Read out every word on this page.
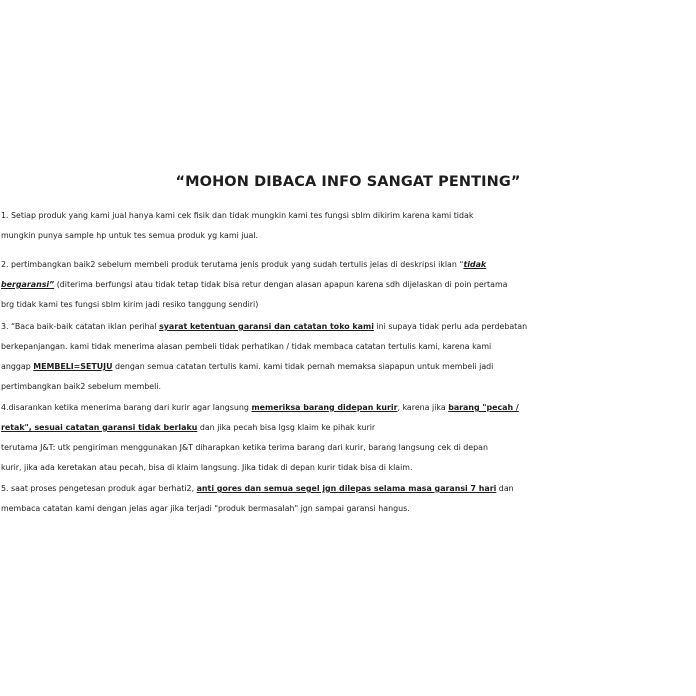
“MOHON DIBACA INFO SANGAT PENTING”
1. Setiap produk yang kami jual hanya kami cek fisik dan tidak mungkin kami tes fungsi sblm dikirim karena kami tidak
mungkin punya sample hp untuk tes semua produk yg kami jual.
2. pertimbangkan baik2 sebelum membeli produk terutama jenis produk yang sudah tertulis jelas di deskripsi iklan “tidak
bergaransi” (diterima berfungsi atau tidak tetap tidak bisa retur dengan alasan apapun karena sdh dijelaskan di poin pertama
brg tidak kami tes fungsi sblm kirim jadi resiko tanggung sendiri)
3. “Baca baik-baik catatan iklan perihal syarat ketentuan garansi dan catatan toko kami ini supaya tidak perlu ada perdebatan
berkepanjangan. kami tidak menerima alasan pembeli tidak perhatikan / tidak membaca catatan tertulis kami, karena kami
anggap MEMBELI=SETUJU dengan semua catatan tertulis kami. kami tidak pernah memaksa siapapun untuk membeli jadi
pertimbangkan baik2 sebelum membeli.
4.disarankan ketika menerima barang dari kurir agar langsung memeriksa barang didepan kurir, karena jika barang "pecah /
retak", sesuai catatan garansi tidak berlaku dan jika pecah bisa lgsg klaim ke pihak kurir
terutama J&T: utk pengiriman menggunakan J&T diharapkan ketika terima barang dari kurir, barang langsung cek di depan
kurir, jika ada keretakan atau pecah, bisa di klaim langsung. Jika tidak di depan kurir tidak bisa di klaim.
5. saat proses pengetesan produk agar berhati2, anti gores dan semua segel jgn dilepas selama masa garansi 7 hari dan
membaca catatan kami dengan jelas agar jika terjadi "produk bermasalah" jgn sampai garansi hangus.
